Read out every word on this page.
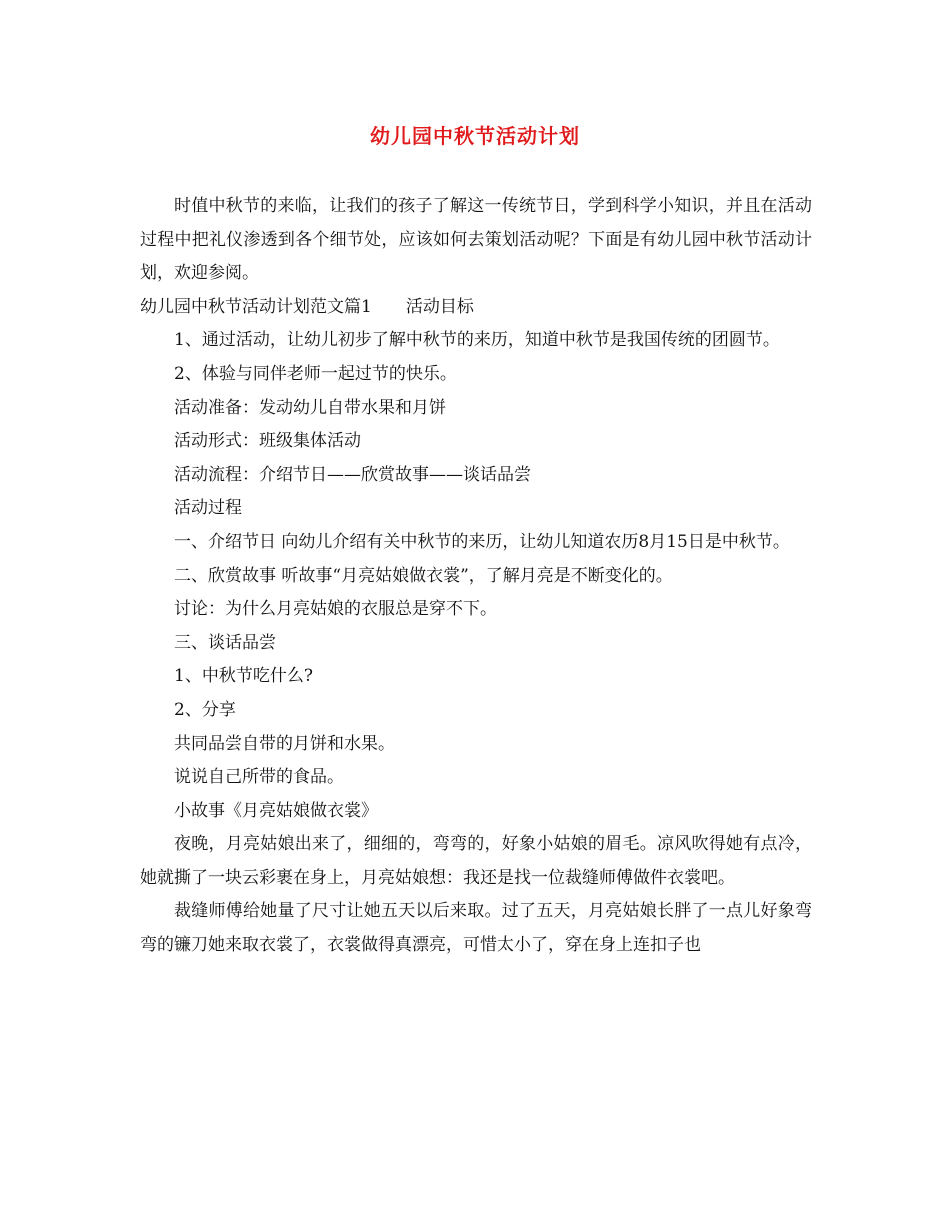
幼儿园中秋节活动计划

时值中秋节的来临，让我们的孩子了解这一传统节日，学到科学小知识，并且在活动过程中把礼仪渗透到各个细节处，应该如何去策划活动呢？下面是有幼儿园中秋节活动计划，欢迎参阅。

幼儿园中秋节活动计划范文篇1 活动目标

1、通过活动，让幼儿初步了解中秋节的来历，知道中秋节是我国传统的团圆节。

2、体验与同伴老师一起过节的快乐。

活动准备：发动幼儿自带水果和月饼

活动形式：班级集体活动

活动流程：介绍节日——欣赏故事——谈话品尝

活动过程

一、介绍节日 向幼儿介绍有关中秋节的来历，让幼儿知道农历8月15日是中秋节。

二、欣赏故事 听故事“月亮姑娘做衣裳”，了解月亮是不断变化的。

讨论：为什么月亮姑娘的衣服总是穿不下。

三、谈话品尝

1、中秋节吃什么?

2、分享

共同品尝自带的月饼和水果。

说说自己所带的食品。

小故事《月亮姑娘做衣裳》

夜晚，月亮姑娘出来了，细细的，弯弯的，好象小姑娘的眉毛。凉风吹得她有点冷，她就撕了一块云彩裹在身上，月亮姑娘想：我还是找一位裁缝师傅做件衣裳吧。

裁缝师傅给她量了尺寸让她五天以后来取。过了五天，月亮姑娘长胖了一点儿好象弯弯的镰刀她来取衣裳了，衣裳做得真漂亮，可惜太小了，穿在身上连扣子也
